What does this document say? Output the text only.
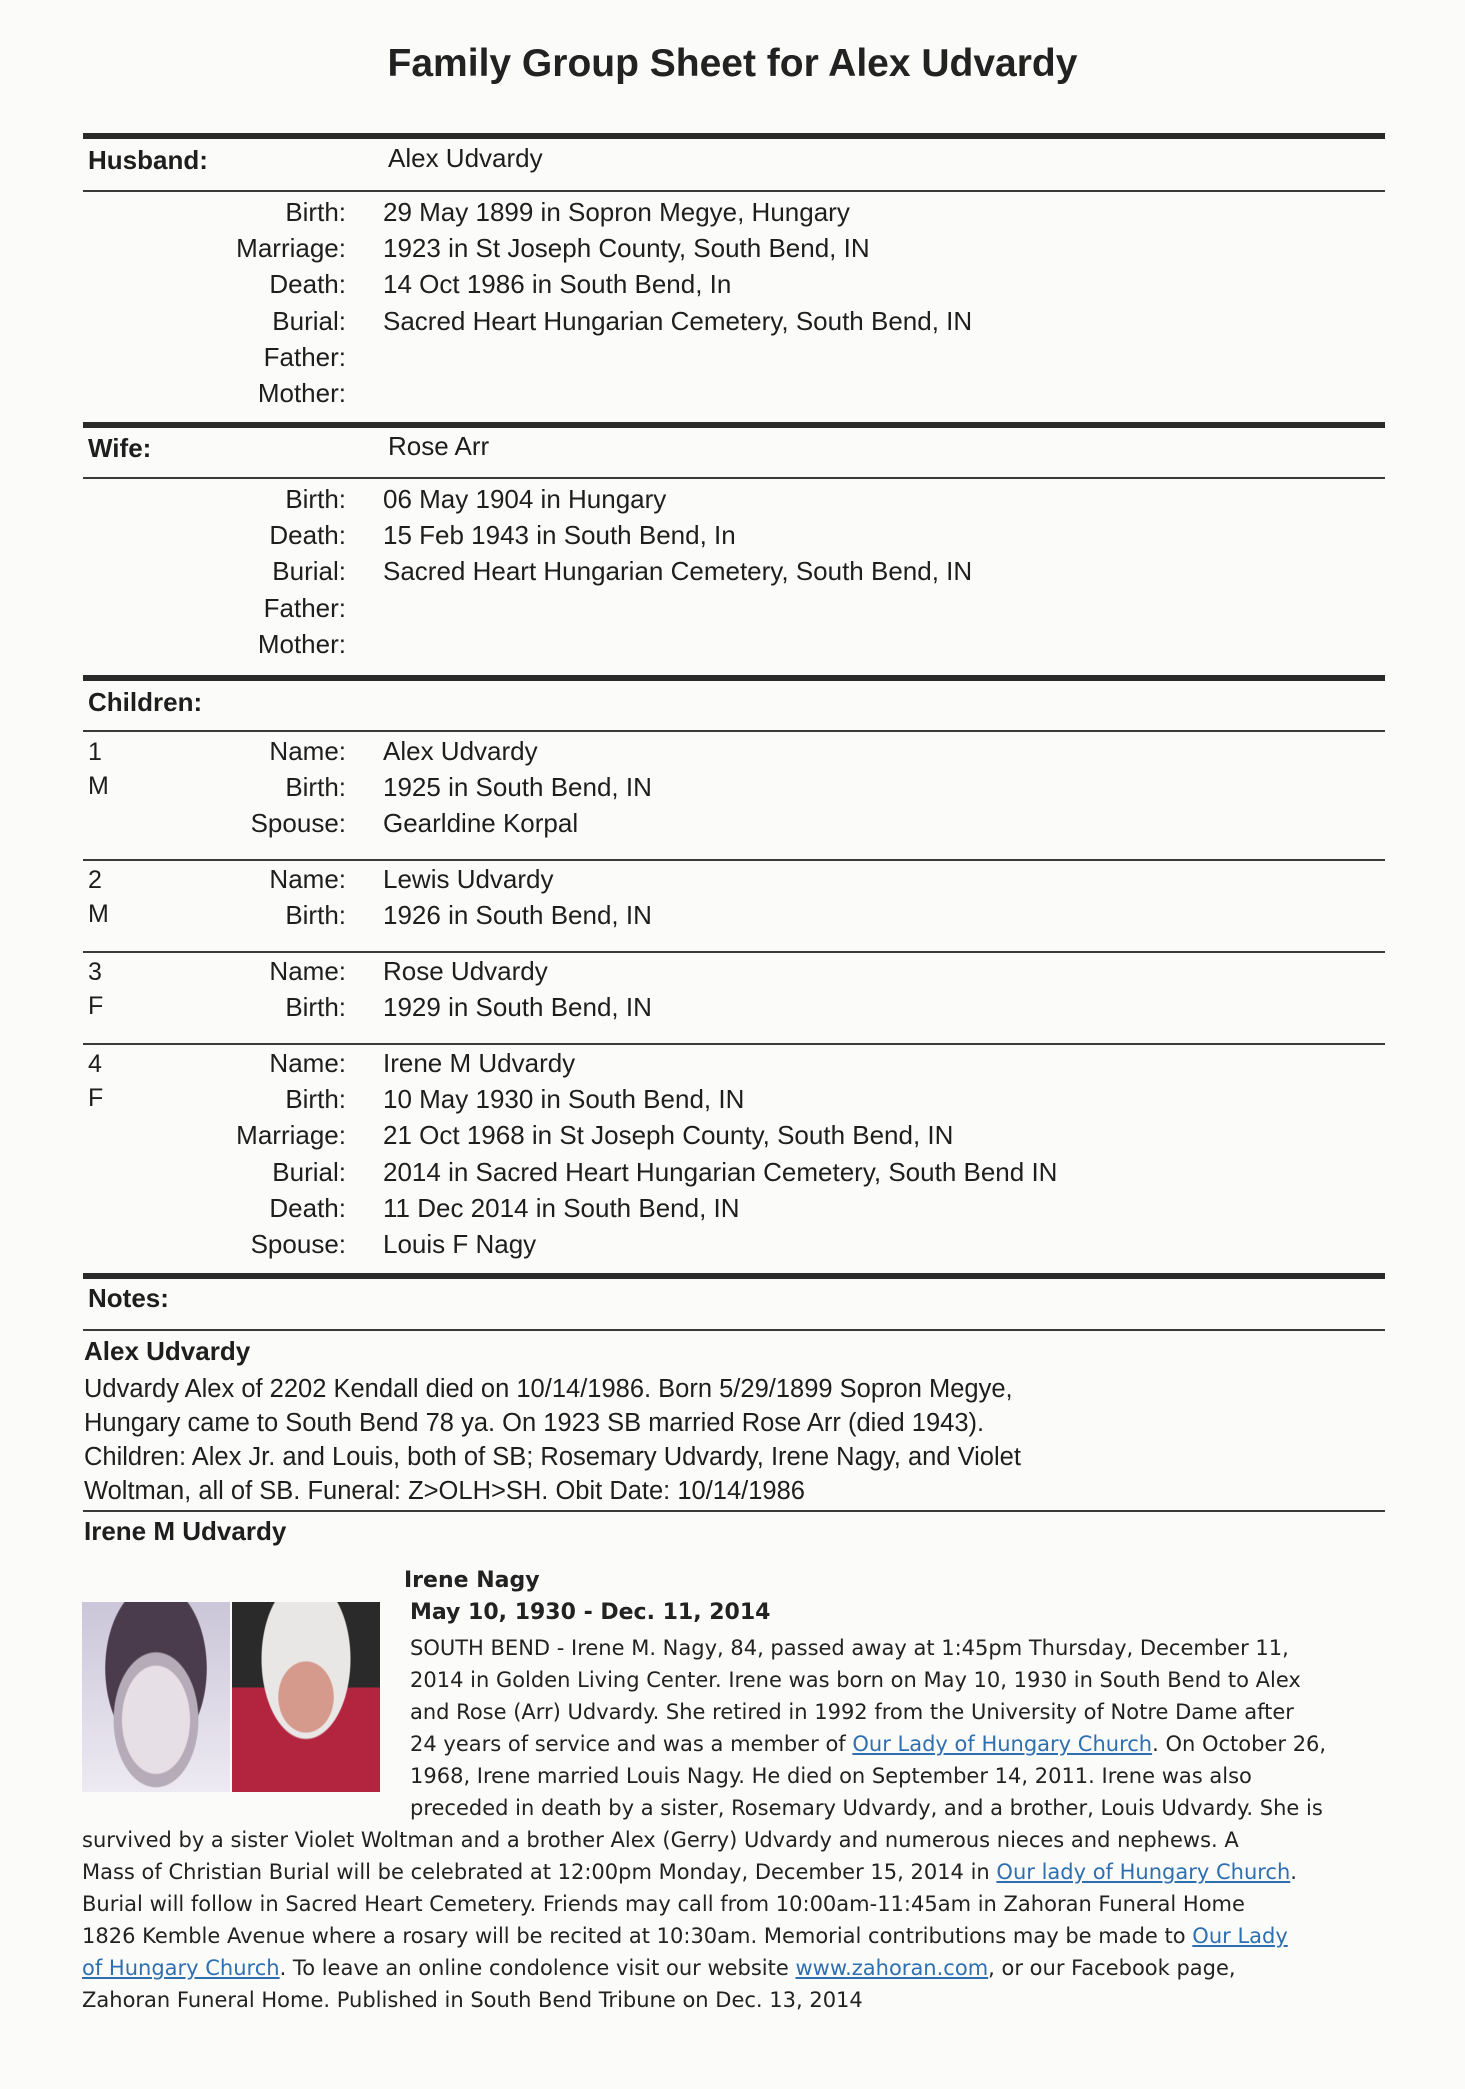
Family Group Sheet for Alex Udvardy
Husband:	Alex Udvardy
Birth: 29 May 1899 in Sopron Megye, Hungary
Marriage: 1923 in St Joseph County, South Bend, IN
Death: 14 Oct 1986 in South Bend, In
Burial: Sacred Heart Hungarian Cemetery, South Bend, IN
Father:
Mother:
Wife:	Rose Arr
Birth: 06 May 1904 in Hungary
Death: 15 Feb 1943 in South Bend, In
Burial: Sacred Heart Hungarian Cemetery, South Bend, IN
Father:
Mother:
Children:
1
M
Name: Alex Udvardy
Birth: 1925 in South Bend, IN
Spouse: Gearldine Korpal
2
M
Name: Lewis Udvardy
Birth: 1926 in South Bend, IN
3
F
Name: Rose Udvardy
Birth: 1929 in South Bend, IN
4
F
Name: Irene M Udvardy
Birth: 10 May 1930 in South Bend, IN
Marriage: 21 Oct 1968 in St Joseph County, South Bend, IN
Burial: 2014 in Sacred Heart Hungarian Cemetery, South Bend IN
Death: 11 Dec 2014 in South Bend, IN
Spouse: Louis F Nagy
Notes:
Alex Udvardy

Udvardy Alex of 2202 Kendall died on 10/14/1986. Born 5/29/1899 Sopron Megye,

Hungary came to South Bend 78 ya. On 1923 SB married Rose Arr (died 1943).

Children: Alex Jr. and Louis, both of SB; Rosemary Udvardy, Irene Nagy, and Violet

Woltman, all of SB. Funeral: Z>OLH>SH. Obit Date: 10/14/1986

Irene M Udvardy
Irene Nagy
May 10, 1930 - Dec. 11, 2014
SOUTH BEND - Irene M. Nagy, 84, passed away at 1:45pm Thursday, December 11,
2014 in Golden Living Center. Irene was born on May 10, 1930 in South Bend to Alex
and Rose (Arr) Udvardy. She retired in 1992 from the University of Notre Dame after
24 years of service and was a member of Our Lady of Hungary Church. On October 26,
1968, Irene married Louis Nagy. He died on September 14, 2011. Irene was also
preceded in death by a sister, Rosemary Udvardy, and a brother, Louis Udvardy. She is
survived by a sister Violet Woltman and a brother Alex (Gerry) Udvardy and numerous nieces and nephews. A
Mass of Christian Burial will be celebrated at 12:00pm Monday, December 15, 2014 in Our lady of Hungary Church.
Burial will follow in Sacred Heart Cemetery. Friends may call from 10:00am-11:45am in Zahoran Funeral Home
1826 Kemble Avenue where a rosary will be recited at 10:30am. Memorial contributions may be made to Our Lady
of Hungary Church. To leave an online condolence visit our website www.zahoran.com, or our Facebook page,
Zahoran Funeral Home. Published in South Bend Tribune on Dec. 13, 2014
